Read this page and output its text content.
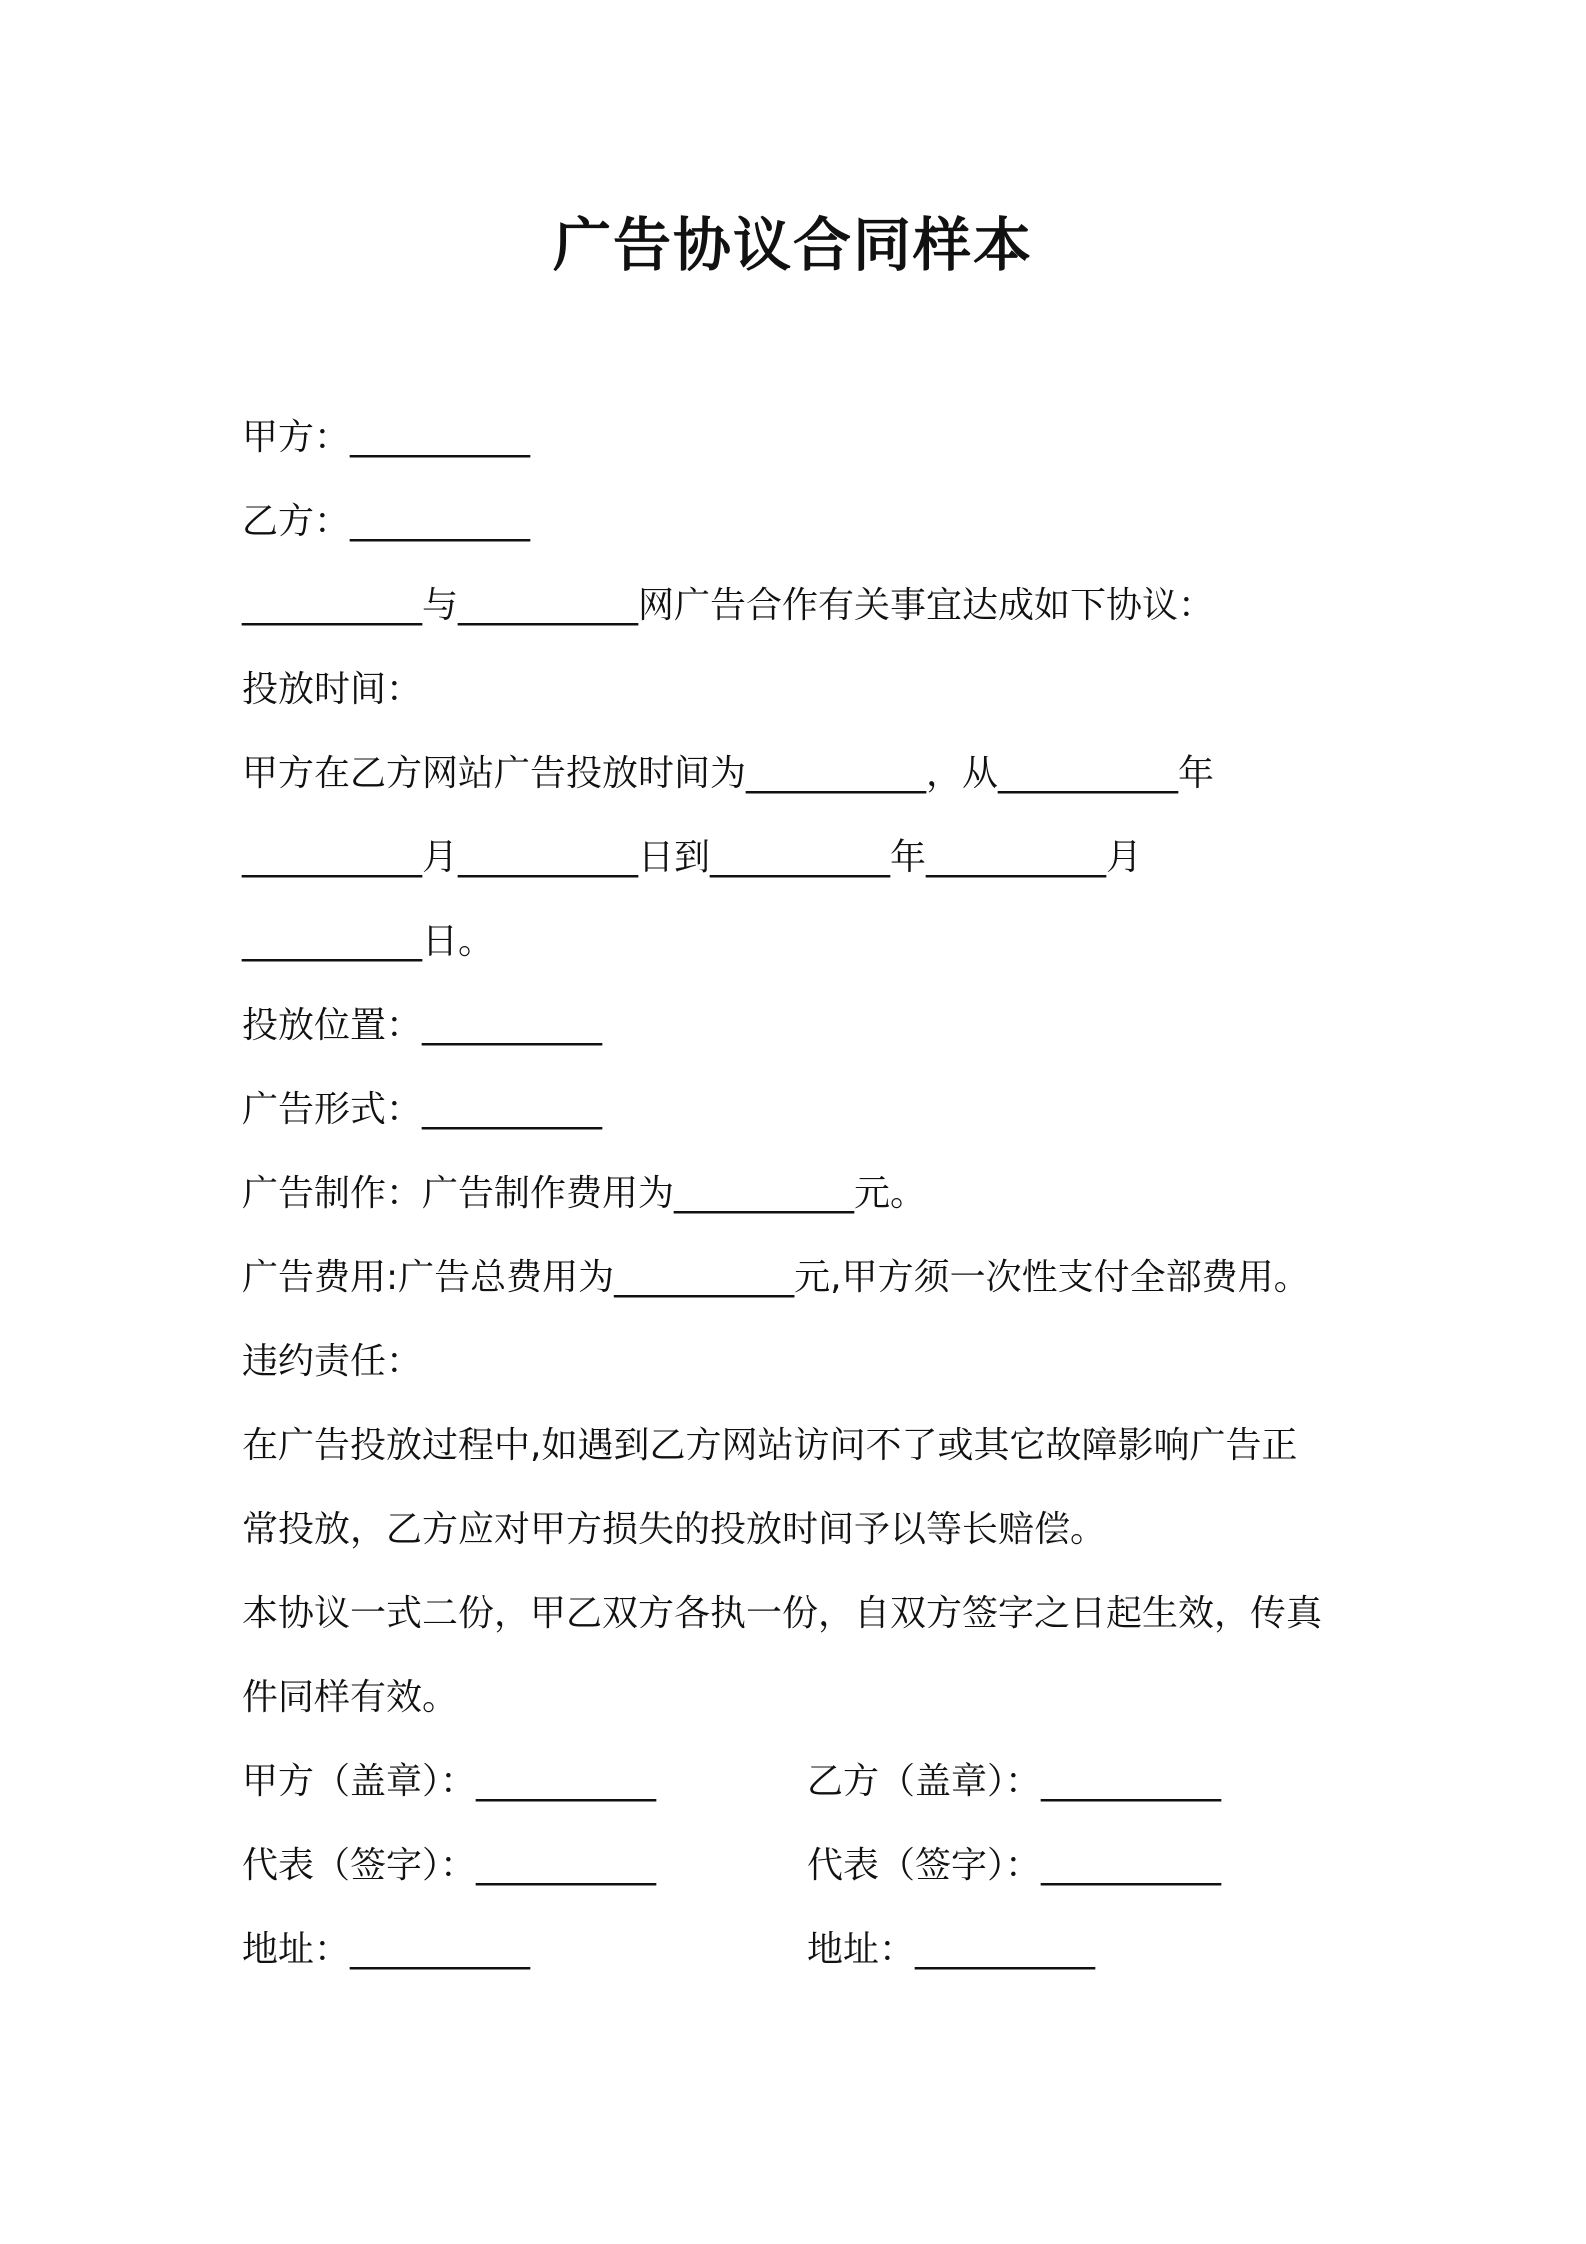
广告协议合同样本
甲方：__________
乙方：__________
__________与__________网广告合作有关事宜达成如下协议：
投放时间：
甲方在乙方网站广告投放时间为__________，从__________年
__________月__________日到__________年__________月
__________日。
投放位置：__________
广告形式：__________
广告制作：广告制作费用为__________元。
广告费用:广告总费用为__________元,甲方须一次性支付全部费用。
违约责任：
在广告投放过程中,如遇到乙方网站访问不了或其它故障影响广告正
常投放，乙方应对甲方损失的投放时间予以等长赔偿。
本协议一式二份，甲乙双方各执一份，自双方签字之日起生效，传真
件同样有效。
甲方（盖章）：__________	乙方（盖章）：__________
代表（签字）：__________	代表（签字）：__________
地址：__________	地址：__________
